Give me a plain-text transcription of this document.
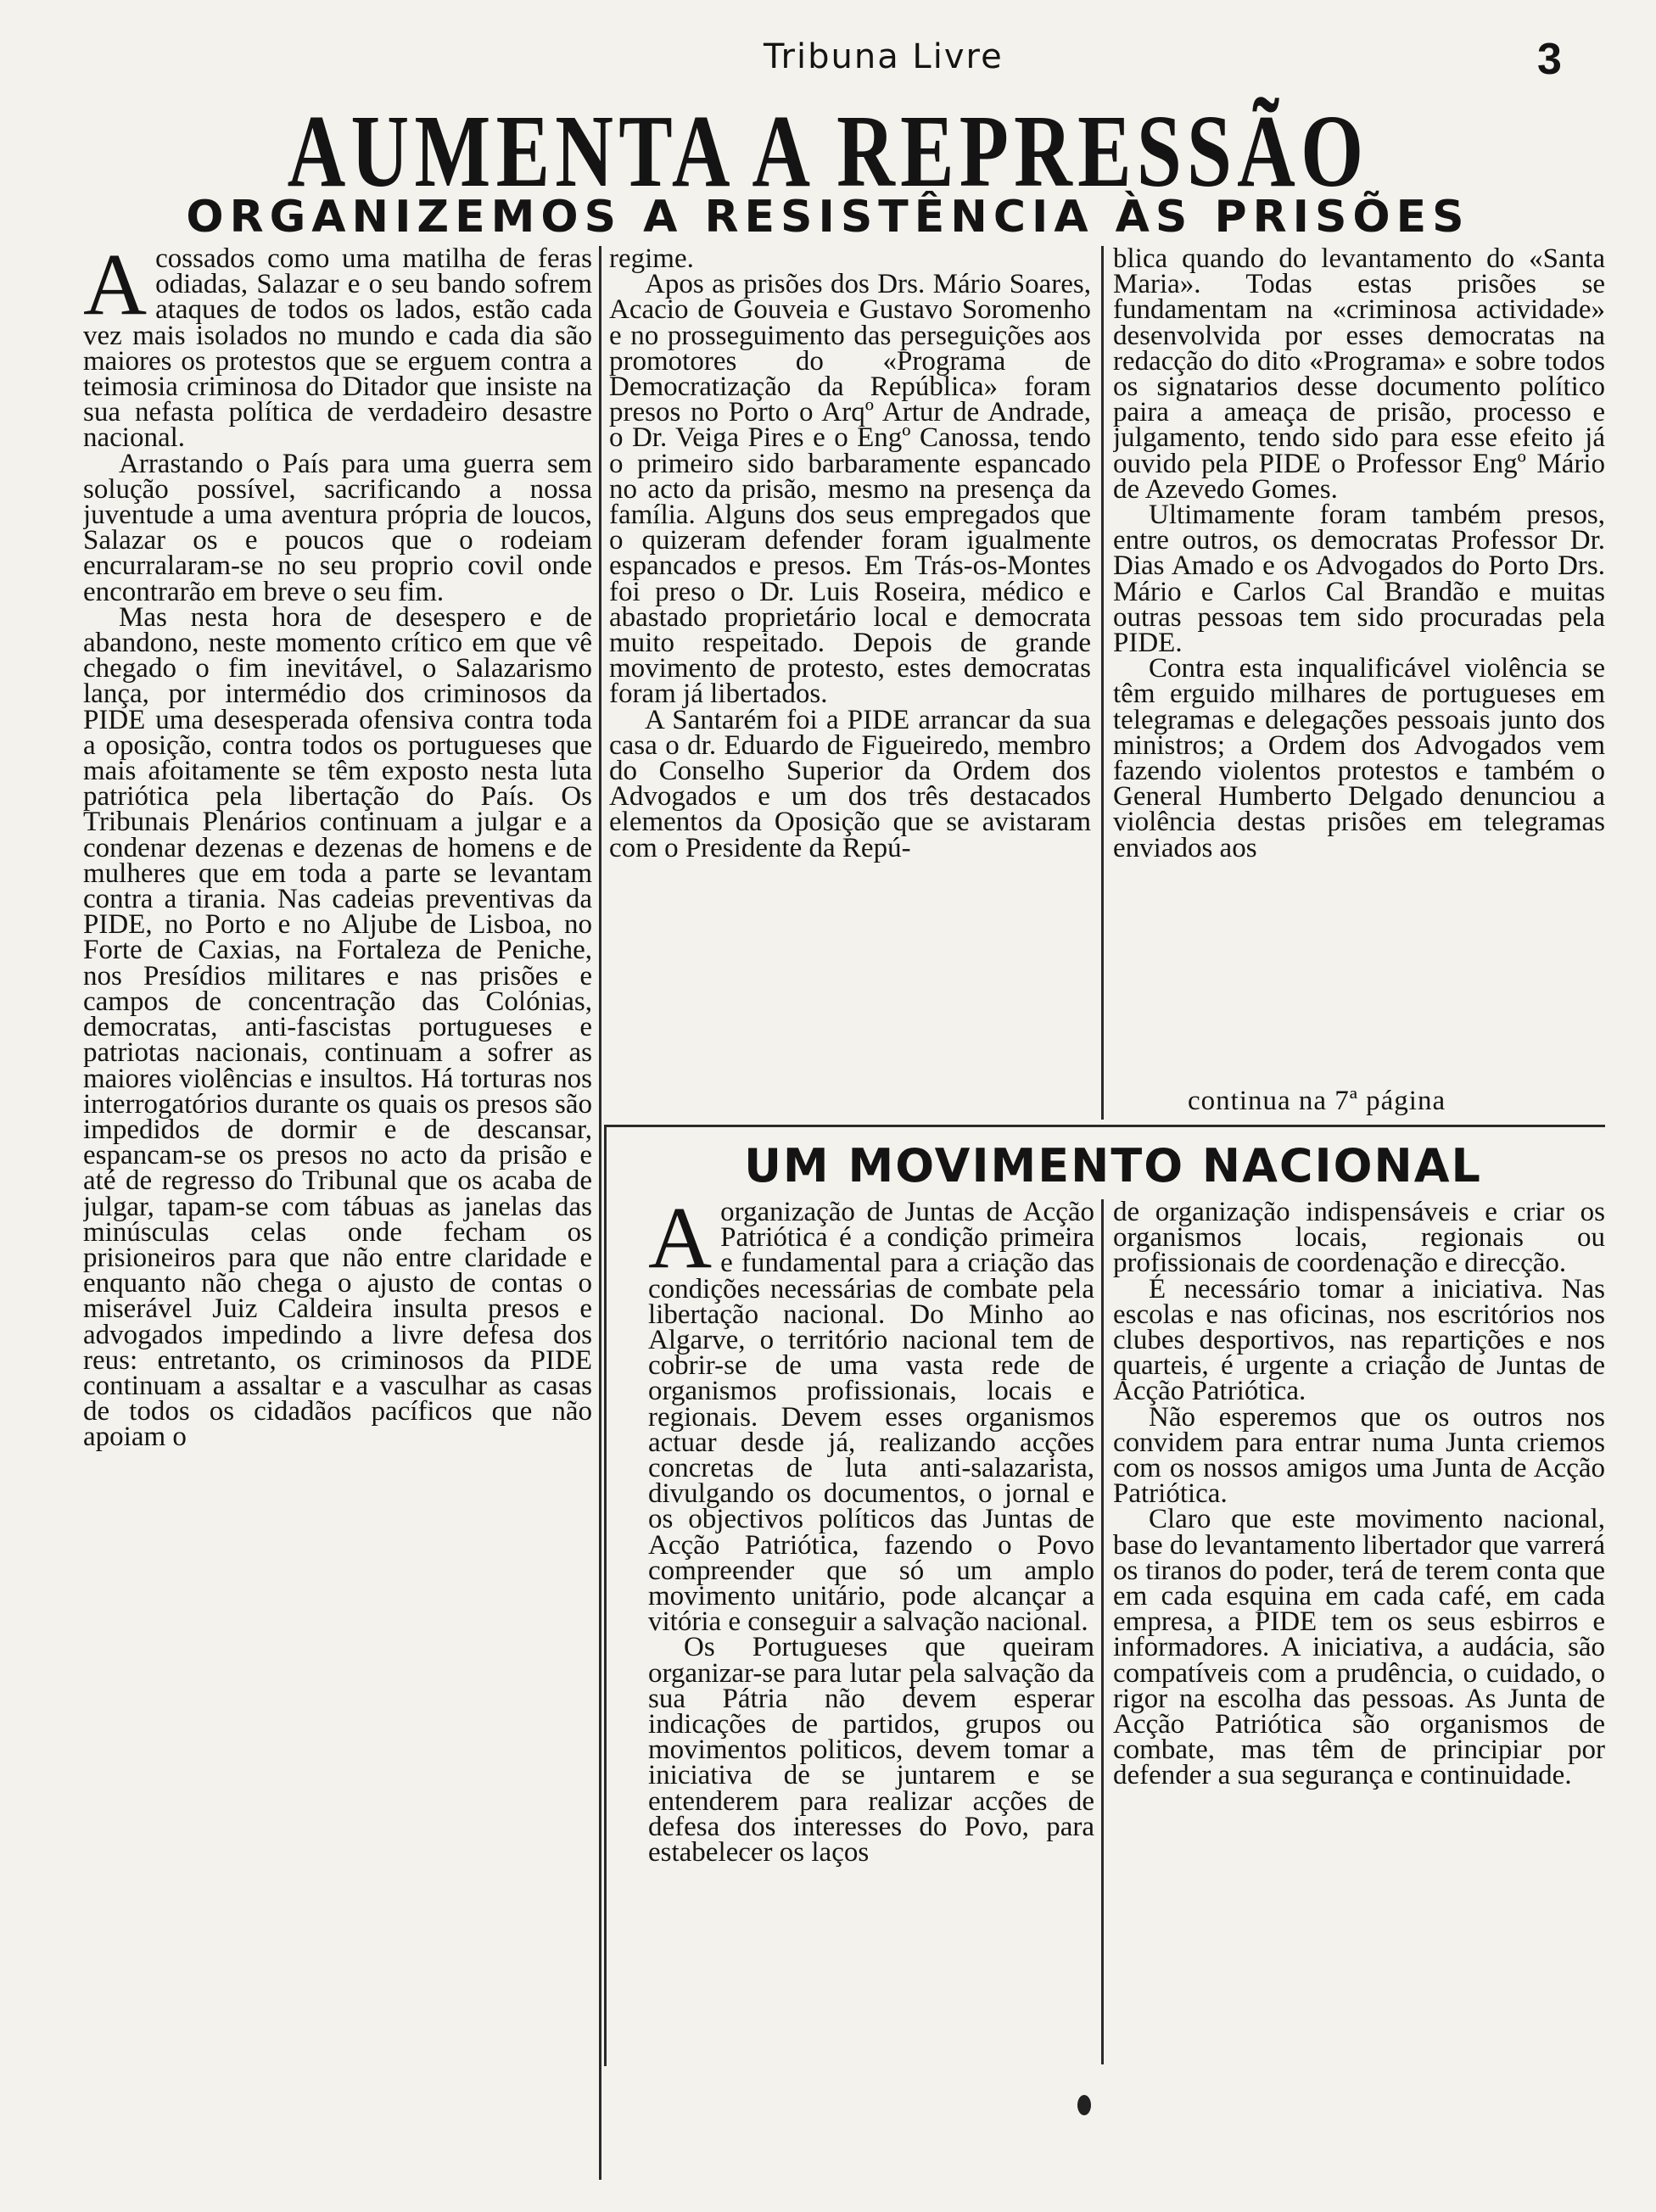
Tribuna Livre	3
AUMENTA A REPRESSÃO
ORGANIZEMOS A RESISTÊNCIA ÀS PRISÕES

Acossados como uma matilha de feras odiadas, Salazar e o seu bando sofrem ataques de todos os lados, estão cada vez mais isolados no mundo e cada dia são maiores os protestos que se erguem contra a teimosia criminosa do Ditador que insiste na sua nefasta política de verdadeiro desastre nacional.

Arrastando o País para uma guerra sem solução possível, sacrificando a nossa juventude a uma aventura própria de loucos, Salazar os e poucos que o rodeiam encurralaram-se no seu proprio covil onde encontrarão em breve o seu fim.

Mas nesta hora de desespero e de abandono, neste momento crítico em que vê chegado o fim inevitável, o Salazarismo lança, por intermédio dos criminosos da PIDE uma desesperada ofensiva contra toda a oposição, contra todos os portugueses que mais afoitamente se têm exposto nesta luta patriótica pela libertação do País. Os Tribunais Plenários continuam a julgar e a condenar dezenas e dezenas de homens e de mulheres que em toda a parte se levantam contra a tirania. Nas cadeias preventivas da PIDE, no Porto e no Aljube de Lisboa, no Forte de Caxias, na Fortaleza de Peniche, nos Presídios militares e nas prisões e campos de concentração das Colónias, democratas, anti-fascistas portugueses e patriotas nacionais, continuam a sofrer as maiores violências e insultos. Há torturas nos interrogatórios durante os quais os presos são impedidos de dormir e de descansar, espancam-se os presos no acto da prisão e até de regresso do Tribunal que os acaba de julgar, tapam-se com tábuas as janelas das minúsculas celas onde fecham os prisioneiros para que não entre claridade e enquanto não chega o ajusto de contas o miserável Juiz Caldeira insulta presos e advogados impedindo a livre defesa dos reus: entretanto, os criminosos da PIDE continuam a assaltar e a vasculhar as casas de todos os cidadãos pacíficos que não apoiam o

regime.

Apos as prisões dos Drs. Mário Soares, Acacio de Gouveia e Gustavo Soromenho e no prosseguimento das perseguições aos promotores do «Programa de Democratização da República» foram presos no Porto o Arqº Artur de Andrade, o Dr. Veiga Pires e o Engº Canossa, tendo o primeiro sido barbaramente espancado no acto da prisão, mesmo na presença da família. Alguns dos seus empregados que o quizeram defender foram igualmente espancados e presos. Em Trás-os-Montes foi preso o Dr. Luis Roseira, médico e abastado proprietário local e democrata muito respeitado. Depois de grande movimento de protesto, estes democratas foram já libertados.

A Santarém foi a PIDE arrancar da sua casa o dr. Eduardo de Figueiredo, membro do Conselho Superior da Ordem dos Advogados e um dos três destacados elementos da Oposição que se avistaram com o Presidente da Repú-

blica quando do levantamento do «Santa Maria». Todas estas prisões se fundamentam na «criminosa actividade» desenvolvida por esses democratas na redacção do dito «Programa» e sobre todos os signatarios desse documento político paira a ameaça de prisão, processo e julgamento, tendo sido para esse efeito já ouvido pela PIDE o Professor Engº Mário de Azevedo Gomes.

Ultimamente foram também presos, entre outros, os democratas Professor Dr. Dias Amado e os Advogados do Porto Drs. Mário e Carlos Cal Brandão e muitas outras pessoas tem sido procuradas pela PIDE.

Contra esta inqualificável violência se têm erguido milhares de portugueses em telegramas e delegações pessoais junto dos ministros; a Ordem dos Advogados vem fazendo violentos protestos e também o General Humberto Delgado denunciou a violência destas prisões em telegramas enviados aos

continua na 7ª página
UM MOVIMENTO NACIONAL

Aorganização de Juntas de Acção Patriótica é a condição primeira e fundamental para a criação das condições necessárias de combate pela libertação nacional. Do Minho ao Algarve, o território nacional tem de cobrir-se de uma vasta rede de organismos profissionais, locais e regionais. Devem esses organismos actuar desde já, realizando acções concretas de luta anti-salazarista, divulgando os documentos, o jornal e os objectivos políticos das Juntas de Acção Patriótica, fazendo o Povo compreender que só um amplo movimento unitário, pode alcançar a vitória e conseguir a salvação nacional.

Os Portugueses que queiram organizar-se para lutar pela salvação da sua Pátria não devem esperar indicações de partidos, grupos ou movimentos politicos, devem tomar a iniciativa de se juntarem e se entenderem para realizar acções de defesa dos interesses do Povo, para estabelecer os laços

de organização indispensáveis e criar os organismos locais, regionais ou profissionais de coordenação e direcção.

É necessário tomar a iniciativa. Nas escolas e nas oficinas, nos escritórios nos clubes desportivos, nas repartições e nos quarteis, é urgente a criação de Juntas de Acção Patriótica.

Não esperemos que os outros nos convidem para entrar numa Junta criemos com os nossos amigos uma Junta de Acção Patriótica.

Claro que este movimento nacional, base do levantamento libertador que varrerá os tiranos do poder, terá de terem conta que em cada esquina em cada café, em cada empresa, a PIDE tem os seus esbirros e informadores. A iniciativa, a audácia, são compatíveis com a prudência, o cuidado, o rigor na escolha das pessoas. As Junta de Acção Patriótica são organismos de combate, mas têm de principiar por defender a sua segurança e continuidade.
